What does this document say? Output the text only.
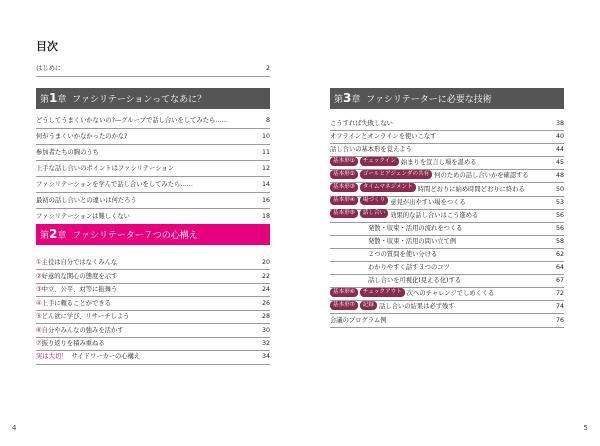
目次
はじめに	2
第1章 ファシリテーションってなあに？
どうしてうまくいかないの?―グループで話し合いをしてみたら……	8
何がうまくいかなかったのかな?	10
参加者たちの胸のうち	11
上手な話し合いのポイントはファシリテーション	12
ファシリテーションを学んで話し合いをしてみたら……	14
最初の話し合いとの違いは何だろう	16
ファシリテーションは難しくない	18
第2章 ファシリテーター７つの心構え
①主役は自分ではなくみんな	20
②好意的な関心の態度を示す	22
③中立、公平、対等に振舞う	24
④上手に頼ることができる	26
⑤どん欲に学び、リサーチしよう	28
⑥自分やみんなの強みを活かす	30
⑦振り返りを積み重ねる	32
実は大切！ サイドワーカーの心構え	34
第3章 ファシリテーターに必要な技術
こうすれば失敗しない	38
オフラインとオンラインを使いこなす	40
話し合いの基本形を覚えよう	44
基本形① チェックイン 始まりを宣言し場を温める	45
基本形② ゴールとアジェンダの共有 何のための話し合いかを確認する	48
基本形③ タイムマネジメント 時間どおりに始め時間どおりに終わる	50
基本形④ 場づくり 意見が出やすい場をつくる	53
基本形⑤ 話し合い 効果的な話し合いはこう進める	56
発散・収束・活用の流れをつくる	56
発散・収束・活用の問い立て例	58
２つの質問を使い分ける	62
わかりやすく話す３つのコツ	64
話し合いを可視化(見える化)する	67
基本形⑥ チェックアウト 次へのチャレンジでしめくくる	72
基本形⑦ 記録 話し合いの結果は必ず残す	74
会議のプログラム例	76
4	5
